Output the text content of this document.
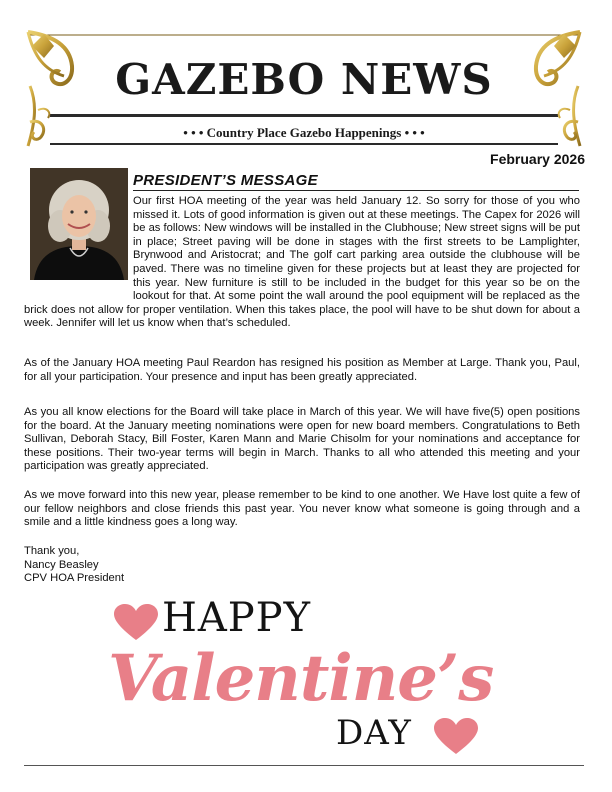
GAZEBO NEWS
• • • Country Place Gazebo Happenings • • •
February 2026
PRESIDENT’S MESSAGE

Our first HOA meeting of the year was held January 12. So sorry for those of you who missed it. Lots of good information is given out at these meetings. The Capex for 2026 will be as follows: New windows will be installed in the Clubhouse; New street signs will be put in place; Street paving will be done in stages with the first streets to be Lamplighter, Brynwood and Aristocrat; and The golf cart parking area outside the clubhouse will be paved. There was no timeline given for these projects but at least they are projected for this year. New furniture is still to be included in the budget for this year so be on the lookout for that. At some point the wall around the pool equipment will be replaced as the brick does not allow for proper ventilation. When this takes place, the pool will have to be shut down for about a week. Jennifer will let us know when that’s scheduled.

As of the January HOA meeting Paul Reardon has resigned his position as Member at Large. Thank you, Paul, for all your participation. Your presence and input has been greatly appreciated.

As you all know elections for the Board will take place in March of this year. We will have five(5) open positions for the board. At the January meeting nominations were open for new board members. Congratulations to Beth Sullivan, Deborah Stacy, Bill Foster, Karen Mann and Marie Chisolm for your nominations and acceptance for these positions. Their two-year terms will begin in March. Thanks to all who attended this meeting and your participation was greatly appreciated.

As we move forward into this new year, please remember to be kind to one another. We Have lost quite a few of our fellow neighbors and close friends this past year. You never know what someone is going through and a smile and a little kindness goes a long way.

Thank you,
Nancy Beasley
CPV HOA President
HAPPY
Valentine’s
DAY
